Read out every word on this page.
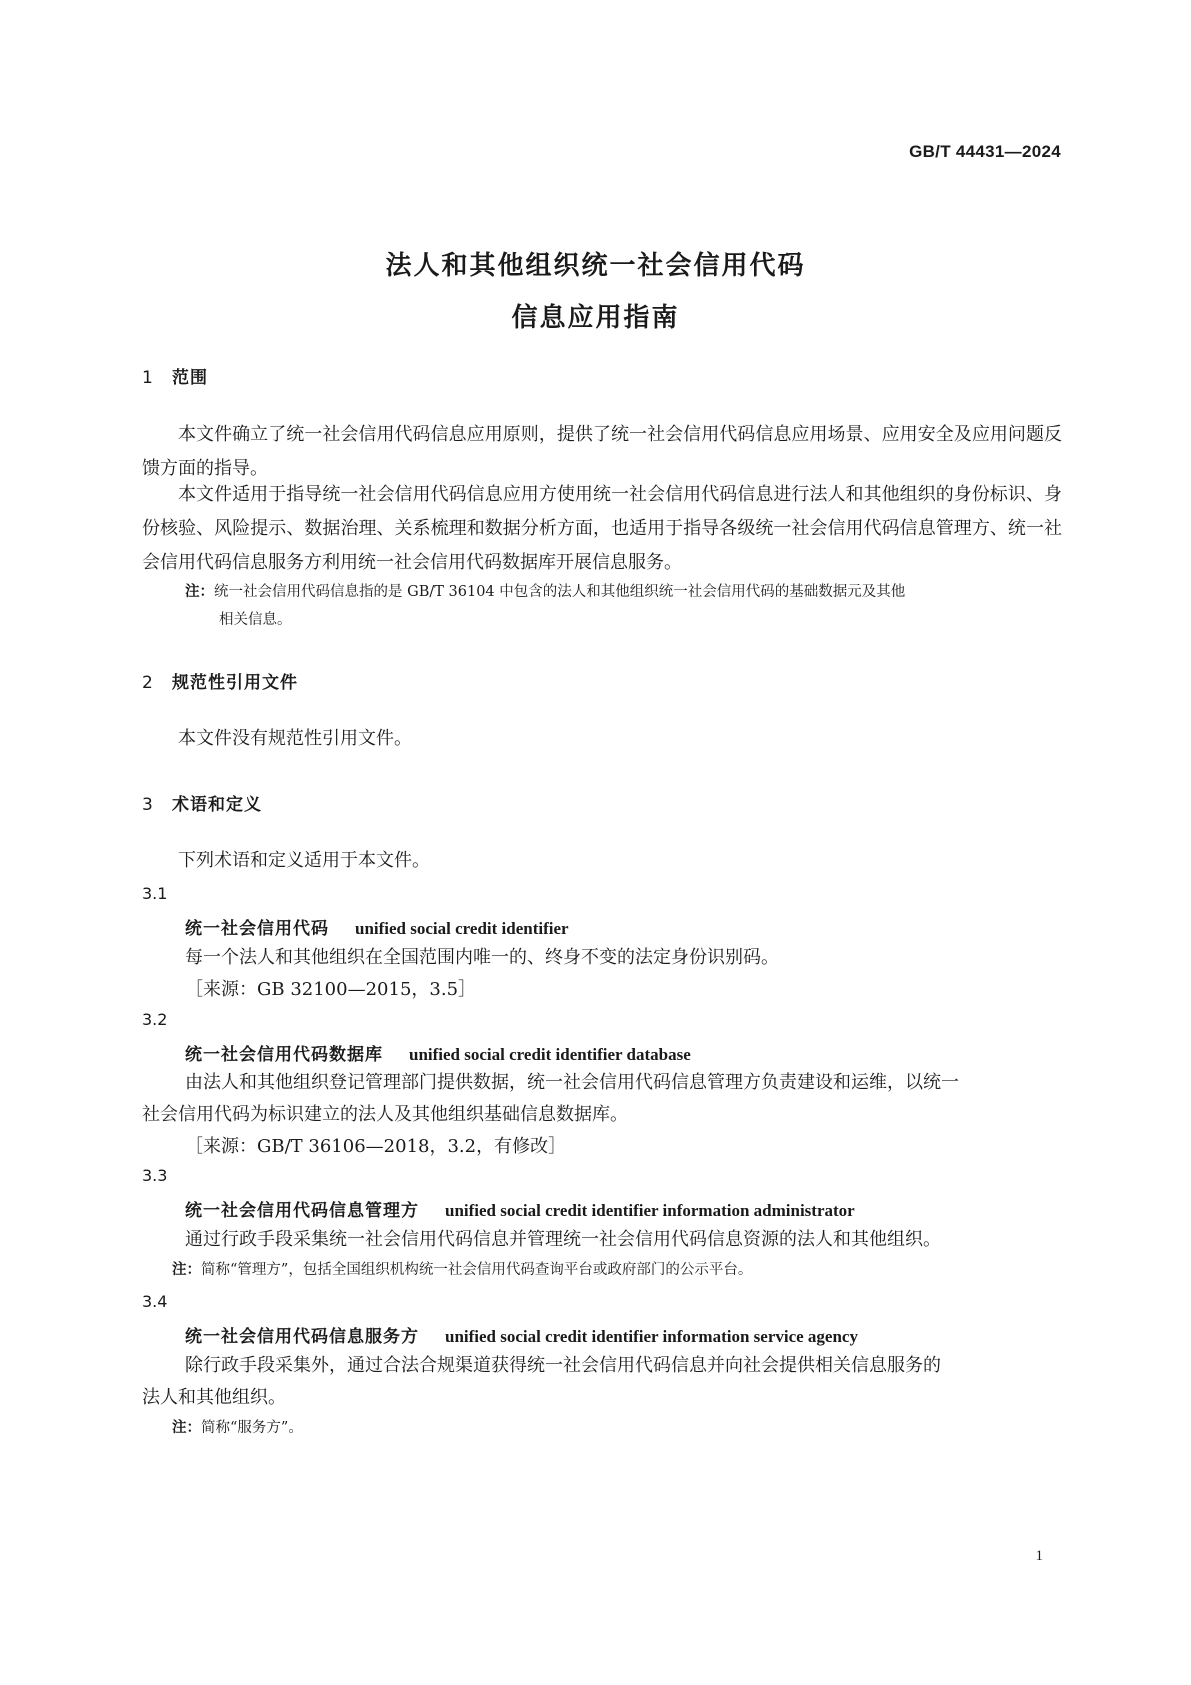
GB/T 44431—2024
法人和其他组织统一社会信用代码
信息应用指南
1 范围
本文件确立了统一社会信用代码信息应用原则，提供了统一社会信用代码信息应用场景、应用安全及应用问题反馈方面的指导。
本文件适用于指导统一社会信用代码信息应用方使用统一社会信用代码信息进行法人和其他组织的身份标识、身份核验、风险提示、数据治理、关系梳理和数据分析方面，也适用于指导各级统一社会信用代码信息管理方、统一社会信用代码信息服务方利用统一社会信用代码数据库开展信息服务。
注：统一社会信用代码信息指的是 GB/T 36104 中包含的法人和其他组织统一社会信用代码的基础数据元及其他
相关信息。
2 规范性引用文件
本文件没有规范性引用文件。
3 术语和定义
下列术语和定义适用于本文件。
3.1
统一社会信用代码 unified social credit identifier
每一个法人和其他组织在全国范围内唯一的、终身不变的法定身份识别码。
［来源：GB 32100—2015，3.5］
3.2
统一社会信用代码数据库 unified social credit identifier database
由法人和其他组织登记管理部门提供数据，统一社会信用代码信息管理方负责建设和运维，以统一
社会信用代码为标识建立的法人及其他组织基础信息数据库。
［来源：GB/T 36106—2018，3.2，有修改］
3.3
统一社会信用代码信息管理方 unified social credit identifier information administrator
通过行政手段采集统一社会信用代码信息并管理统一社会信用代码信息资源的法人和其他组织。
注：简称“管理方”，包括全国组织机构统一社会信用代码查询平台或政府部门的公示平台。
3.4
统一社会信用代码信息服务方 unified social credit identifier information service agency
除行政手段采集外，通过合法合规渠道获得统一社会信用代码信息并向社会提供相关信息服务的
法人和其他组织。
注：简称“服务方”。
1
